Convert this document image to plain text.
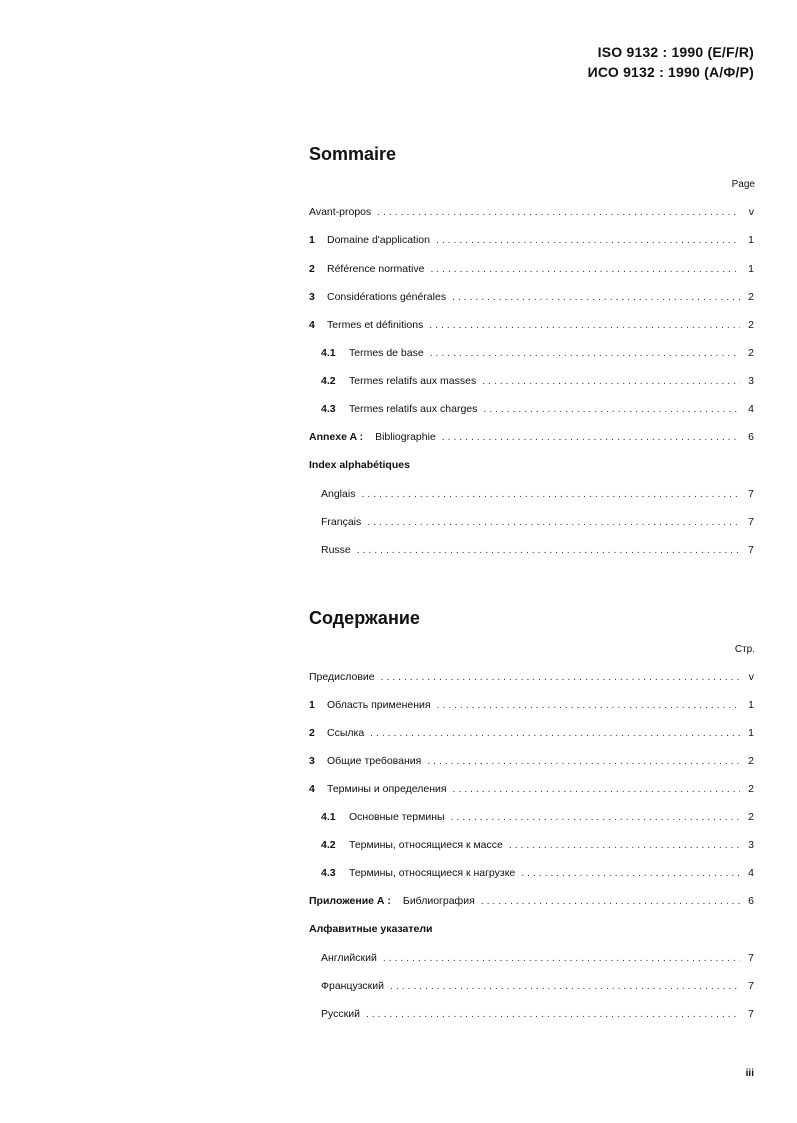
ISO 9132 : 1990 (E/F/R)
ИСО 9132 : 1990 (А/Ф/Р)
Sommaire
Page
Avant-propos . . .	v
1	Domaine d'application . . .	1
2	Référence normative . . .	1
3	Considérations générales . . .	2
4	Termes et définitions . . .	2
4.1	Termes de base . . .	2
4.2	Termes relatifs aux masses . . .	3
4.3	Termes relatifs aux charges . . .	4
Annexe A : Bibliographie . . .	6
Index alphabétiques
Anglais . . .	7
Français . . .	7
Russe . . .	7
Содержание
Стр.
Предисловие . . .	v
1	Область применения . . .	1
2	Ссылка . . .	1
3	Общие требования . . .	2
4	Термины и определения . . .	2
4.1	Основные термины . . .	2
4.2	Термины, относящиеся к массе . . .	3
4.3	Термины, относящиеся к нагрузке . . .	4
Приложение А : Библиография . . .	6
Алфавитные указатели
Английский . . .	7
Французский . . .	7
Русский . . .	7
iii
